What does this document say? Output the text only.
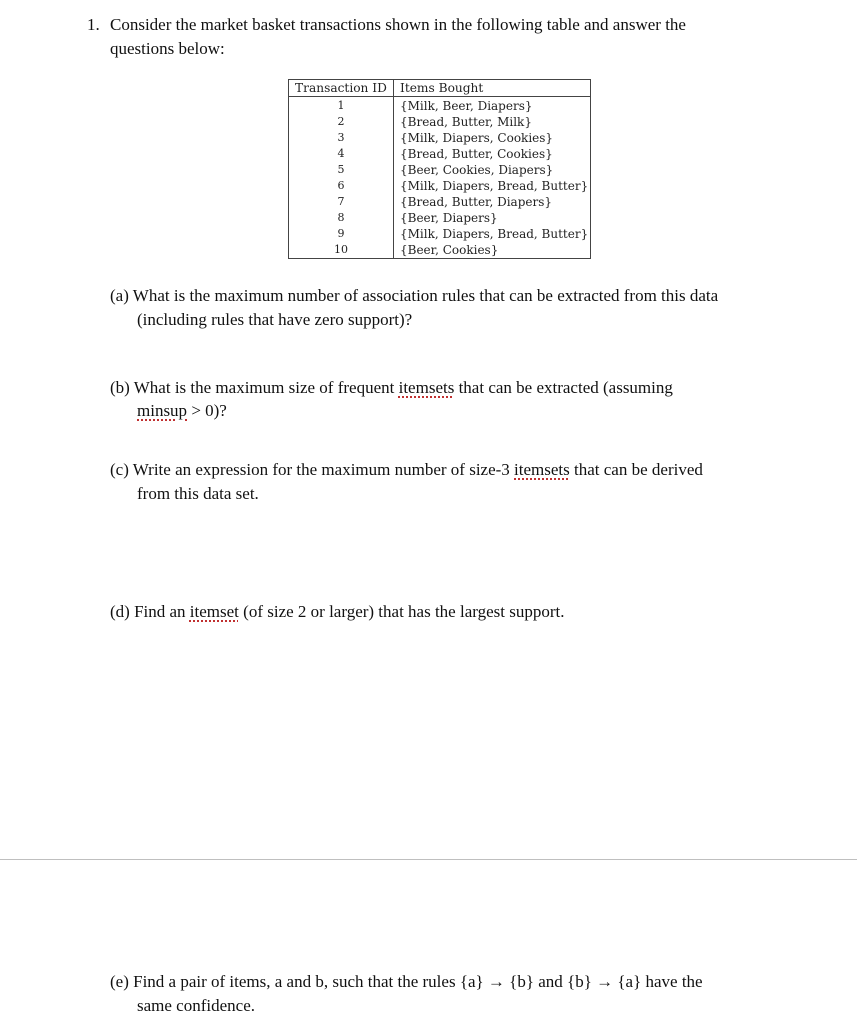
1. Consider the market basket transactions shown in the following table and answer the
questions below:
Transaction ID Items Bought
1
2
3
4
5
6
7
8
9
10
{Milk, Beer, Diapers}
{Bread, Butter, Milk}
{Milk, Diapers, Cookies}
{Bread, Butter, Cookies}
{Beer, Cookies, Diapers}
{Milk, Diapers, Bread, Butter}
{Bread, Butter, Diapers}
{Beer, Diapers}
{Milk, Diapers, Bread, Butter}
{Beer, Cookies}
(a) What is the maximum number of association rules that can be extracted from this data
(including rules that have zero support)?
(b) What is the maximum size of frequent itemsets that can be extracted (assuming
minsup > 0)?
(c) Write an expression for the maximum number of size-3 itemsets that can be derived
from this data set.
(d) Find an itemset (of size 2 or larger) that has the largest support.
(e) Find a pair of items, a and b, such that the rules {a} → {b} and {b} → {a} have the
same confidence.
